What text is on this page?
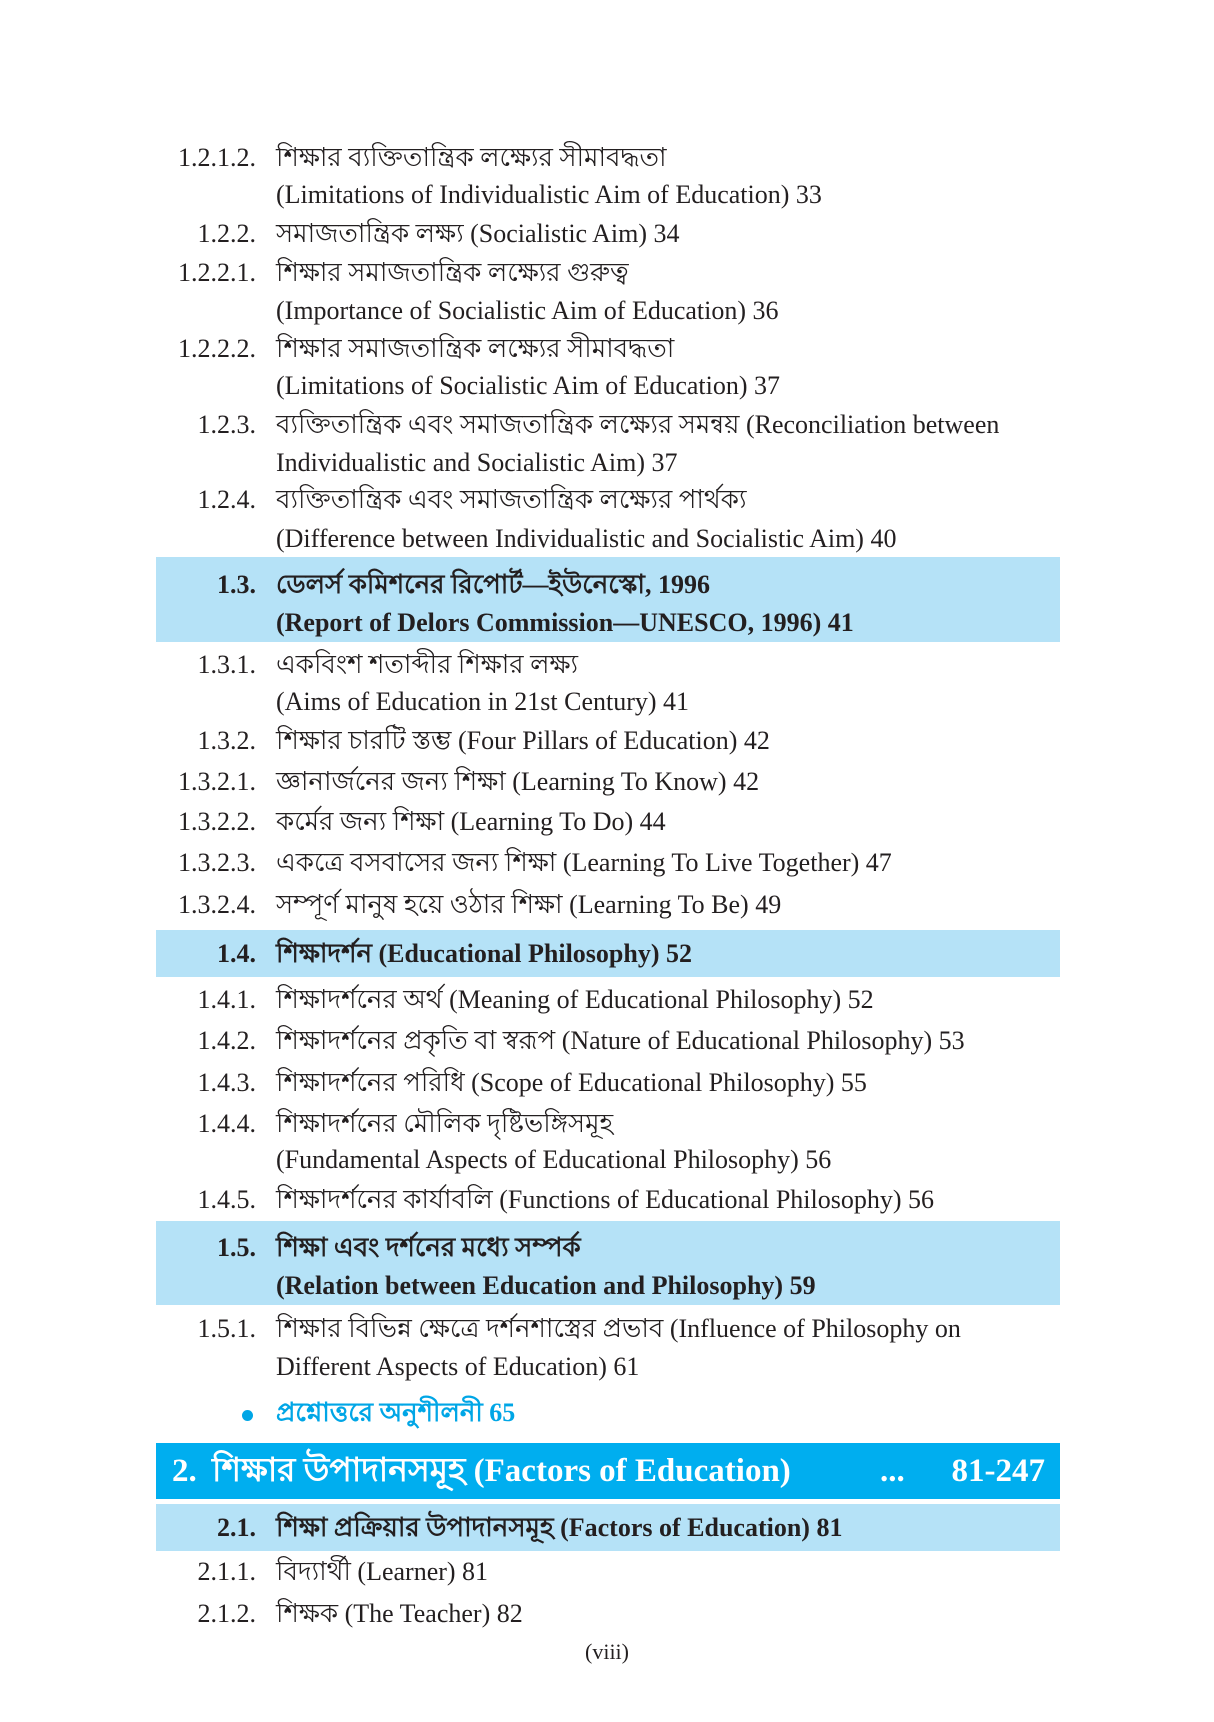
1.2.1.2. শিক্ষার ব্যক্তিতান্ত্রিক লক্ষ্যের সীমাবদ্ধতা
(Limitations of Individualistic Aim of Education) 33
1.2.2. সমাজতান্ত্রিক লক্ষ্য (Socialistic Aim) 34
1.2.2.1. শিক্ষার সমাজতান্ত্রিক লক্ষ্যের গুরুত্ব
(Importance of Socialistic Aim of Education) 36
1.2.2.2. শিক্ষার সমাজতান্ত্রিক লক্ষ্যের সীমাবদ্ধতা
(Limitations of Socialistic Aim of Education) 37
1.2.3. ব্যক্তিতান্ত্রিক এবং সমাজতান্ত্রিক লক্ষ্যের সমন্বয় (Reconciliation between
Individualistic and Socialistic Aim) 37
1.2.4. ব্যক্তিতান্ত্রিক এবং সমাজতান্ত্রিক লক্ষ্যের পার্থক্য
(Difference between Individualistic and Socialistic Aim) 40
1.3. ডেলর্স কমিশনের রিপোর্ট—ইউনেস্কো, 1996
(Report of Delors Commission—UNESCO, 1996) 41
1.3.1. একবিংশ শতাব্দীর শিক্ষার লক্ষ্য
(Aims of Education in 21st Century) 41
1.3.2. শিক্ষার চারটি স্তম্ভ (Four Pillars of Education) 42
1.3.2.1. জ্ঞানার্জনের জন্য শিক্ষা (Learning To Know) 42
1.3.2.2. কর্মের জন্য শিক্ষা (Learning To Do) 44
1.3.2.3. একত্রে বসবাসের জন্য শিক্ষা (Learning To Live Together) 47
1.3.2.4. সম্পূর্ণ মানুষ হয়ে ওঠার শিক্ষা (Learning To Be) 49
1.4. শিক্ষাদর্শন (Educational Philosophy) 52
1.4.1. শিক্ষাদর্শনের অর্থ (Meaning of Educational Philosophy) 52
1.4.2. শিক্ষাদর্শনের প্রকৃতি বা স্বরূপ (Nature of Educational Philosophy) 53
1.4.3. শিক্ষাদর্শনের পরিধি (Scope of Educational Philosophy) 55
1.4.4. শিক্ষাদর্শনের মৌলিক দৃষ্টিভঙ্গিসমূহ
(Fundamental Aspects of Educational Philosophy) 56
1.4.5. শিক্ষাদর্শনের কার্যাবলি (Functions of Educational Philosophy) 56
1.5. শিক্ষা এবং দর্শনের মধ্যে সম্পর্ক
(Relation between Education and Philosophy) 59
1.5.1. শিক্ষার বিভিন্ন ক্ষেত্রে দর্শনশাস্ত্রের প্রভাব (Influence of Philosophy on
Different Aspects of Education) 61
প্রশ্নোত্তরে অনুশীলনী 65
2. শিক্ষার উপাদানসমূহ (Factors of Education)	... 81-247
2.1. শিক্ষা প্রক্রিয়ার উপাদানসমূহ (Factors of Education) 81
2.1.1. বিদ্যার্থী (Learner) 81
2.1.2. শিক্ষক (The Teacher) 82
(viii)
